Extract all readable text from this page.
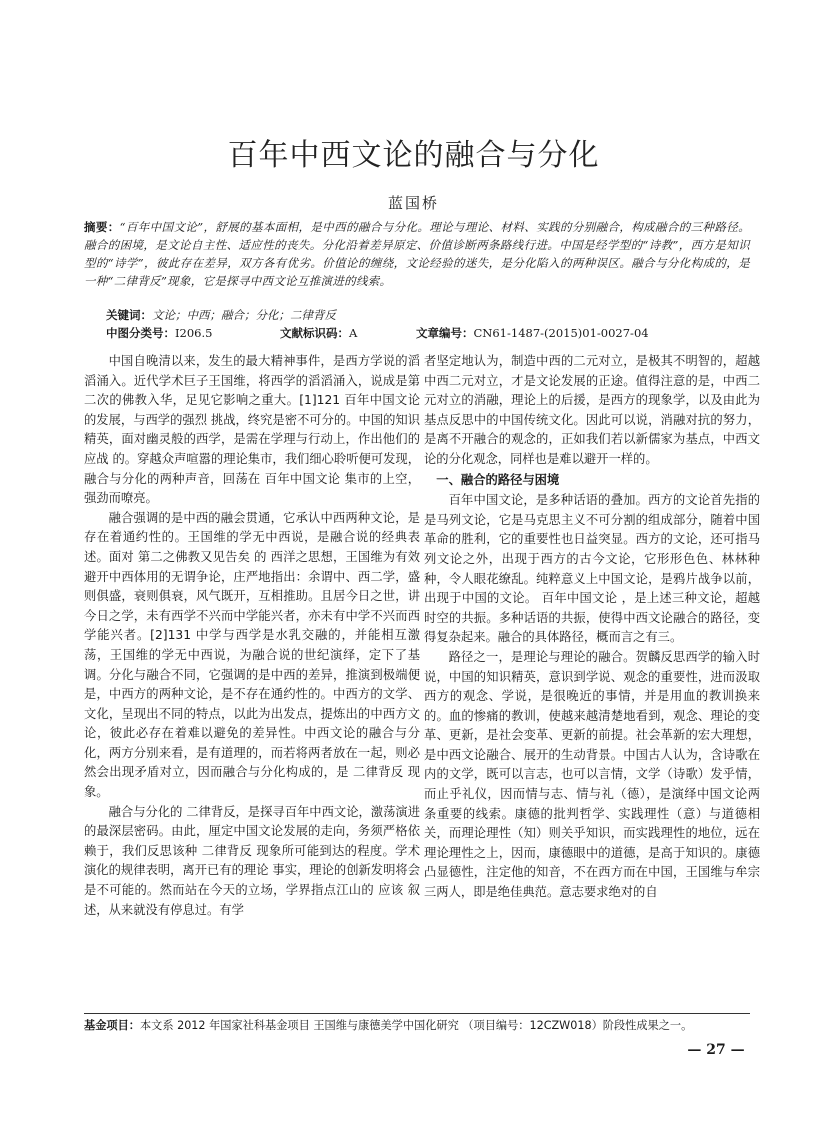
百年中西文论的融合与分化
蓝国桥
摘要：“百年中国文论”，舒展的基本面相，是中西的融合与分化。理论与理论、材料、实践的分别融合，构成融合的三种路径。融合的困境，是文论自主性、适应性的丧失。分化沿着差异原定、价值诊断两条路线行进。中国是经学型的“诗教”，西方是知识型的“诗学”，彼此存在差异，双方各有优劣。价值论的缠绕，文论经验的迷失，是分化陷入的两种误区。融合与分化构成的，是一种“二律背反”现象，它是探寻中西文论互推演进的线索。
关键词：文论；中西；融合；分化；二律背反
中图分类号：I206.5	文献标识码：A	文章编号：CN61-1487-(2015)01-0027-04

中国自晚清以来，发生的最大精神事件，是西方学说的滔滔涌入。近代学术巨子王国维，将西学的滔滔涌入，说成是第二次的佛教入华，足见它影响之重大。[1]121 百年中国文论 的发展，与西学的强烈 挑战，终究是密不可分的。中国的知识精英，面对幽灵般的西学，是需在学理与行动上，作出他们的 应战 的。穿越众声喧嚣的理论集市，我们细心聆听便可发现，融合与分化的两种声音，回荡在 百年中国文论 集市的上空，强劲而嘹亮。

融合强调的是中西的融会贯通，它承认中西两种文论，是存在着通约性的。王国维的学无中西说，是融合说的经典表述。面对 第二之佛教又见告矣 的 西洋之思想，王国维为有效避开中西体用的无谓争论，庄严地指出：余谓中、西二学，盛则俱盛，衰则俱衰，风气既开，互相推助。且居今日之世，讲今日之学，未有西学不兴而中学能兴者，亦未有中学不兴而西学能兴者。[2]131 中学与西学是水乳交融的，并能相互激荡，王国维的学无中西说，为融合说的世纪演绎，定下了基调。分化与融合不同，它强调的是中西的差异，推演到极端便是，中西方的两种文论，是不存在通约性的。中西方的文学、文化，呈现出不同的特点，以此为出发点，提炼出的中西方文论，彼此必存在着难以避免的差异性。中西文论的融合与分化，两方分别来看，是有道理的，而若将两者放在一起，则必然会出现矛盾对立，因而融合与分化构成的，是 二律背反 现象。

融合与分化的 二律背反，是探寻百年中西文论，激荡演进的最深层密码。由此，厘定中国文论发展的走向，务须严格依赖于，我们反思该种 二律背反 现象所可能到达的程度。学术演化的规律表明，离开已有的理论 事实，理论的创新发明将会是不可能的。然而站在今天的立场，学界指点江山的 应该 叙述，从来就没有停息过。有学

者坚定地认为，制造中西的二元对立，是极其不明智的，超越中西二元对立，才是文论发展的正途。值得注意的是，中西二元对立的消融，理论上的后援，是西方的现象学，以及由此为基点反思中的中国传统文化。因此可以说，消融对抗的努力，是离不开融合的观念的，正如我们若以新儒家为基点，中西文论的分化观念，同样也是难以避开一样的。

一、融合的路径与困境

百年中国文论，是多种话语的叠加。西方的文论首先指的是马列文论，它是马克思主义不可分割的组成部分，随着中国革命的胜利，它的重要性也日益突显。西方的文论，还可指马列文论之外，出现于西方的古今文论，它形形色色、林林种种，令人眼花缭乱。纯粹意义上中国文论，是鸦片战争以前，出现于中国的文论。 百年中国文论 ，是上述三种文论，超越时空的共振。多种话语的共振，使得中西文论融合的路径，变得复杂起来。融合的具体路径，概而言之有三。

路径之一，是理论与理论的融合。贺麟反思西学的输入时说，中国的知识精英，意识到学说、观念的重要性，进而汲取西方的观念、学说，是很晚近的事情，并是用血的教训换来的。血的惨痛的教训，使越来越清楚地看到，观念、理论的变革、更新，是社会变革、更新的前提。社会革新的宏大理想，是中西文论融合、展开的生动背景。中国古人认为，含诗歌在内的文学，既可以言志，也可以言情，文学（诗歌）发乎情，而止乎礼仪，因而情与志、情与礼（德），是演绎中国文论两条重要的线索。康德的批判哲学、实践理性（意）与道德相关，而理论理性（知）则关乎知识，而实践理性的地位，远在理论理性之上，因而，康德眼中的道德，是高于知识的。康德凸显德性，注定他的知音，不在西方而在中国，王国维与牟宗三两人，即是绝佳典范。意志要求绝对的自

基金项目：本文系 2012 年国家社科基金项目 王国维与康德美学中国化研究 （项目编号：12CZW018）阶段性成果之一。
— 27 —
